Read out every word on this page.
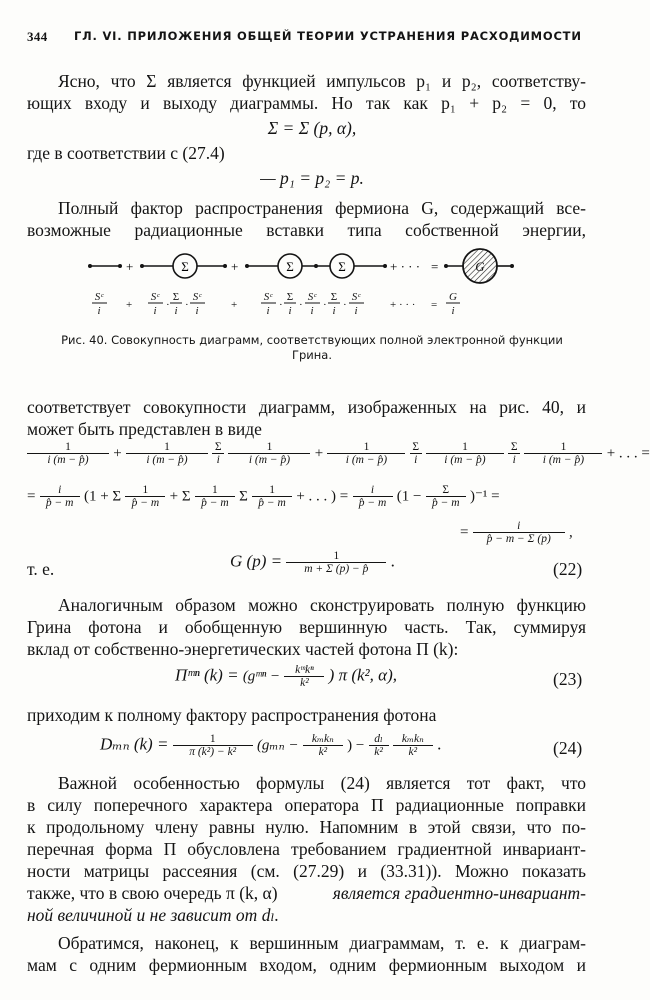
344 ГЛ. VI. ПРИЛОЖЕНИЯ ОБЩЕЙ ТЕОРИИ УСТРАНЕНИЯ РАСХОДИМОСТИ
Ясно, что Σ является функцией импульсов p₁ и p₂, соответству-
ющих входу и выходу диаграммы. Но так как p₁ + p₂ = 0, то
Σ = Σ (p, α),
где в соответствии с (27.4)
— p₁ = p₂ = p.
Полный фактор распространения фермиона G, содержащий все-
возможные радиационные вставки типа собственной энергии,
+	Σ	+	Σ	Σ	+ · · · =	G
Sᶜ
i +
Sᶜ
i ·
Σ
i ·
Sᶜ
i	+
Sᶜ
i ·
Σ
i ·
Sᶜ
i ·
Σ
i ·
Sᶜ
i	+ · · · =
G
i
Рис. 40. Совокупность диаграмм, соответствующих полной электронной функции
Грина.
соответствует совокупности диаграмм, изображенных на рис. 40, и
может быть представлен в виде
$\frac{1}{i (m - p̂)} + \frac{1}{i (m - p̂)}$
$\frac{\Sigma}{i}$
$\frac{1}{i (m - p̂)} + \frac{1}{i (m - p̂)}$
$\frac{\Sigma}{i}$
$\frac{1}{i (m - p̂)}$
$\frac{\Sigma}{i}$
$\frac{1}{i (m - p̂)}$ + . . . =
= $\frac{i}{p̂ - m} (1 + \Sigma \frac{1}{p̂ - m} + \Sigma \frac{1}{p̂ - m}$ Σ $\frac{1}{p̂ - m}$ + . . . ) = $\frac{i}{p̂ - m} (1 - \frac{\Sigma}{p̂ - m} )^{-1}$ =
= $\frac{i}{p̂ - m - \Sigma (p)}$ ,
т. е.	G $(p) = \frac{1}{m + \Sigma (p) - p̂}$ .	(22)
Аналогичным образом можно сконструировать полную функцию
Грина фотона и обобщенную вершинную часть. Так, суммируя
вклад от собственно-энергетических частей фотона Π (k):
Πᵐⁿ (k) = (gᵐⁿ − $\frac{\text{kᵐkⁿ}}{\text{k²}}$ ) π (k², α),	(23)
приходим к полному фактору распространения фотона
Dₘₙ $(k) = \frac{1}{\text{π (k²) − k²}} (g_{mn} - \frac{\text{kₘkₙ}}{\text{k²}}$ ) − $\frac{\text{dₗ}}{\text{k²}}$
$\frac{\text{kₘkₙ}}{\text{k²}}$ .	(24)
Важной особенностью формулы (24) является тот факт, что
в силу поперечного характера оператора Π радиационные поправки
к продольному члену равны нулю. Напомним в этой связи, что по-
перечная форма Π обусловлена требованием градиентной инвариант-
ности матрицы рассеяния (см. (27.29) и (33.31)). Можно показать
также, что в свою очередь π (k, α)	является градиентно-инвариант-
ной величиной и не зависит от dₗ.
Обратимся, наконец, к вершинным диаграммам, т. е. к диаграм-
мам с одним фермионным входом, одним фермионным выходом и
